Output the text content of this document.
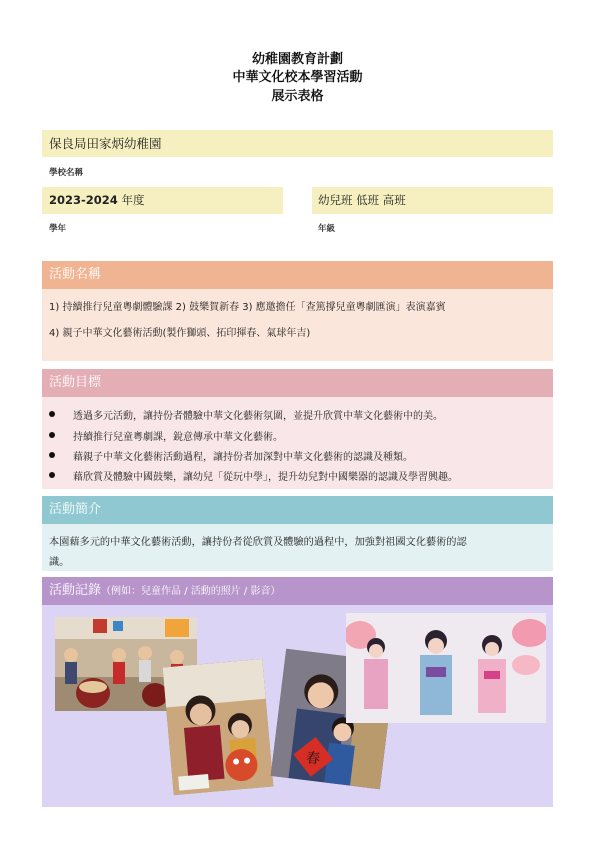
幼稚園教育計劃
中華文化校本學習活動
展示表格
保良局田家炳幼稚園
學校名稱
2023-2024 年度
學年
幼兒班 低班 高班
年級
活動名稱
1) 持續推行兒童粵劇體驗課 2) 鼓樂賀新春 3) 應邀擔任「查篤撐兒童粵劇匯演」表演嘉賓
4) 親子中華文化藝術活動(製作獅頭、拓印揮春、氣球年吉)
活動目標
透過多元活動，讓持份者體驗中華文化藝術氛圍，並提升欣賞中華文化藝術中的美。
持續推行兒童粵劇課，銳意傳承中華文化藝術。
藉親子中華文化藝術活動過程，讓持份者加深對中華文化藝術的認識及種類。
藉欣賞及體驗中國鼓樂，讓幼兒「從玩中學」，提升幼兒對中國樂器的認識及學習興趣。
活動簡介
本園藉多元的中華文化藝術活動，讓持份者從欣賞及體驗的過程中，加強對祖國文化藝術的認
識。
活動記錄（例如：兒童作品 / 活動的照片 / 影音）
春
